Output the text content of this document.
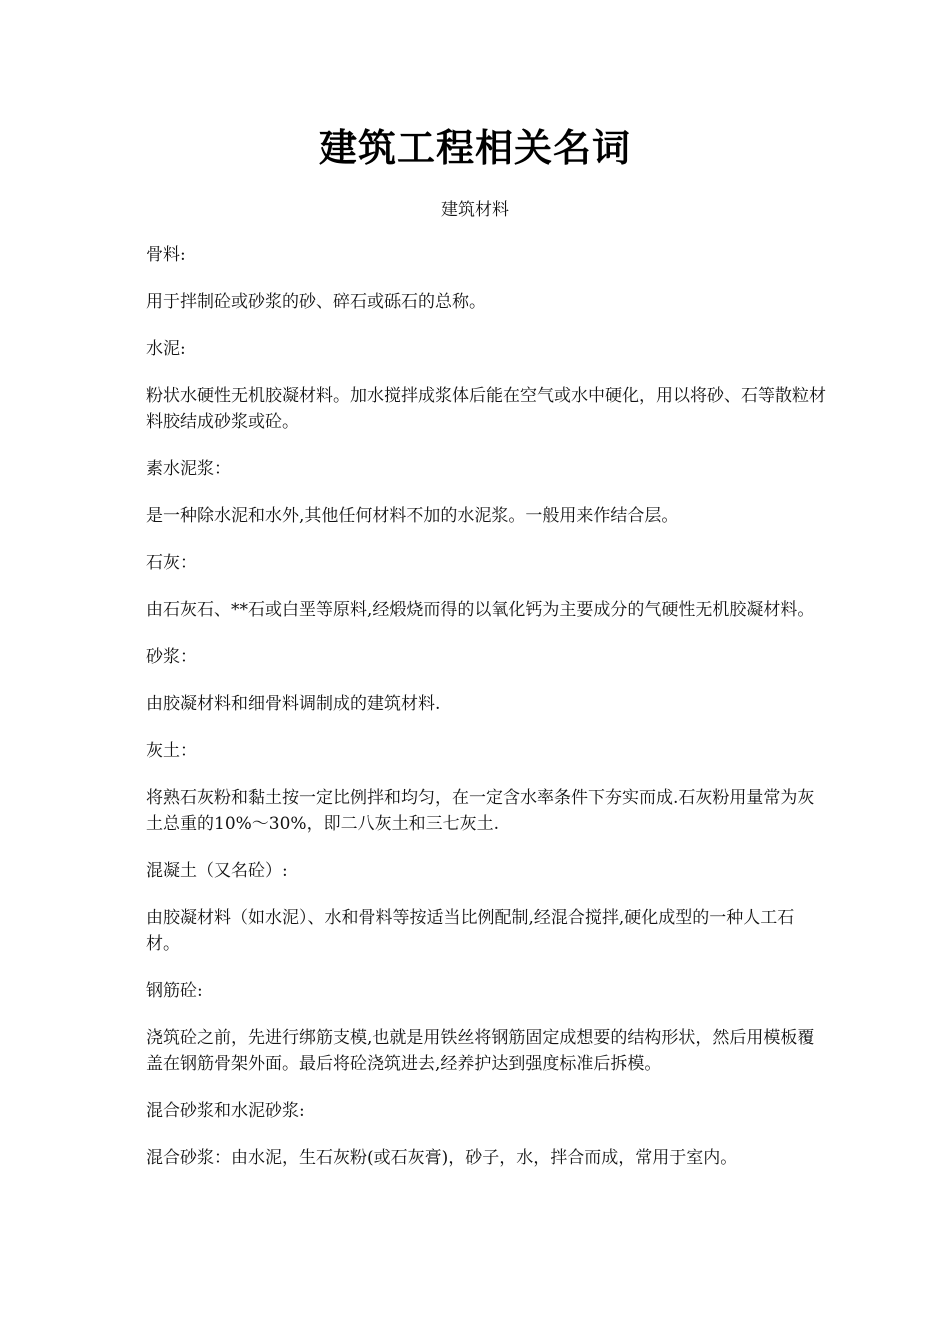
建筑工程相关名词
建筑材料

骨料:

用于拌制砼或砂浆的砂、碎石或砾石的总称。

水泥:

粉状水硬性无机胶凝材料。加水搅拌成浆体后能在空气或水中硬化，用以将砂、石等散粒材料胶结成砂浆或砼。

素水泥浆：

是一种除水泥和水外,其他任何材料不加的水泥浆。一般用来作结合层。

石灰：

由石灰石、**石或白垩等原料,经煅烧而得的以氧化钙为主要成分的气硬性无机胶凝材料。

砂浆：

由胶凝材料和细骨料调制成的建筑材料.

灰土：

将熟石灰粉和黏土按一定比例拌和均匀，在一定含水率条件下夯实而成.石灰粉用量常为灰土总重的10%～30%，即二八灰土和三七灰土.

混凝土（又名砼）:

由胶凝材料（如水泥）、水和骨料等按适当比例配制,经混合搅拌,硬化成型的一种人工石材。

钢筋砼:

浇筑砼之前，先进行绑筋支模,也就是用铁丝将钢筋固定成想要的结构形状，然后用模板覆盖在钢筋骨架外面。最后将砼浇筑进去,经养护达到强度标准后拆模。

混合砂浆和水泥砂浆:

混合砂浆：由水泥，生石灰粉(或石灰膏)，砂子，水，拌合而成，常用于室内。
